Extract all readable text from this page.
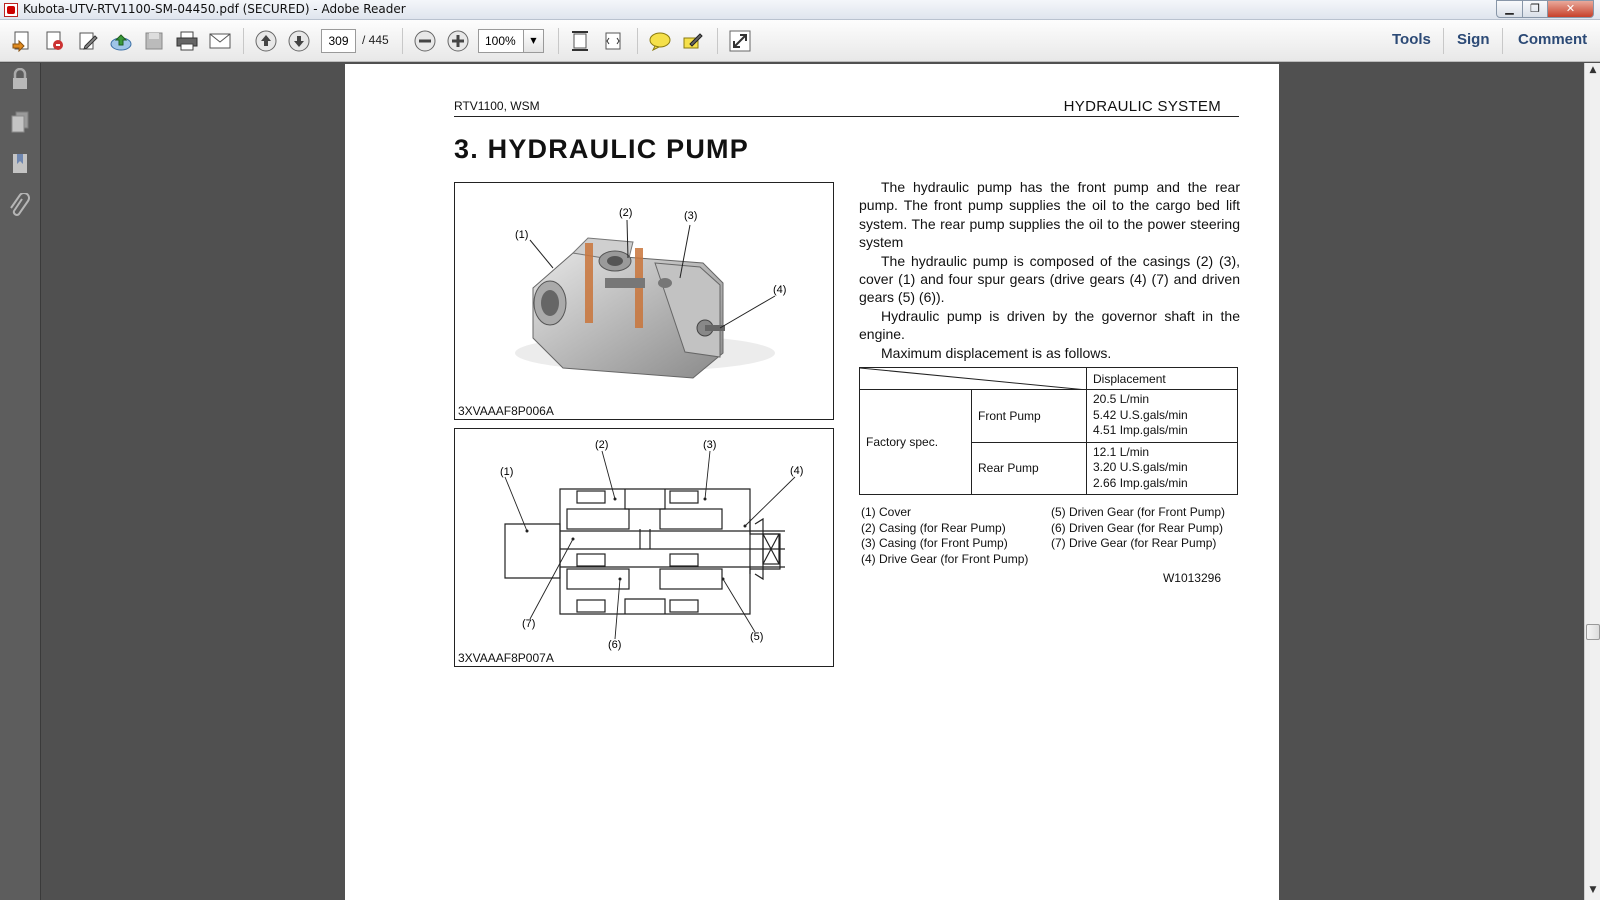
Kubota-UTV-RTV1100-SM-04450.pdf (SECURED) - Adobe Reader	▁	❐	✕
309	/ 445	100%	▼	Tools Sign Comment
▲
▼
RTV1100, WSM	HYDRAULIC SYSTEM
3. HYDRAULIC PUMP
(1)
(2)	(3)
(4)
3XVAAAF8P006A
(1)
(2)	(3)
(4)
(5)
(6)
(7)
3XVAAAF8P007A

The hydraulic pump has the front pump and the rear pump. The front pump supplies the oil to the cargo bed lift system. The rear pump supplies the oil to the power steering system

The hydraulic pump is composed of the casings (2) (3), cover (1) and four spur gears (drive gears (4) (7) and driven gears (5) (6)).

Hydraulic pump is driven by the governor shaft in the engine.

Maximum displacement is as follows.

	Displacement
Factory spec.	Front Pump	20.5 L/min
5.42 U.S.gals/min
4.51 Imp.gals/min

	Rear Pump	12.1 L/min
3.20 U.S.gals/min
2.66 Imp.gals/min
(1) Cover
(2) Casing (for Rear Pump)
(3) Casing (for Front Pump)
(4) Drive Gear (for Front Pump)
(5) Driven Gear (for Front Pump)
(6) Driven Gear (for Rear Pump)
(7) Drive Gear (for Rear Pump)
W1013296
